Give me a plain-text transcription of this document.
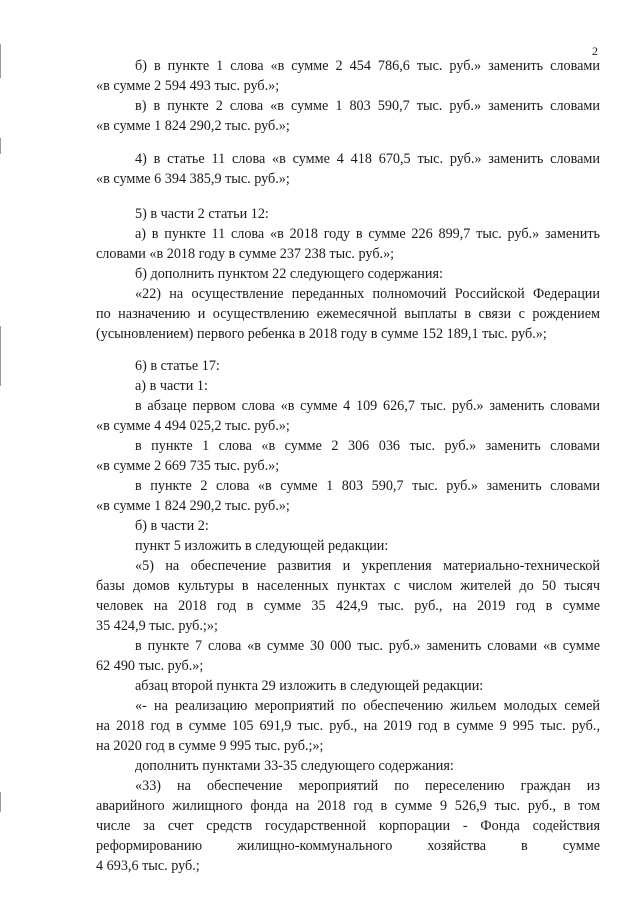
2
б) в пункте 1 слова «в сумме 2 454 786,6 тыс. руб.» заменить словами
«в сумме 2 594 493 тыс. руб.»;
в) в пункте 2 слова «в сумме 1 803 590,7 тыс. руб.» заменить словами
«в сумме 1 824 290,2 тыс. руб.»;
4) в статье 11 слова «в сумме 4 418 670,5 тыс. руб.» заменить словами
«в сумме 6 394 385,9 тыс. руб.»;
5) в части 2 статьи 12:
а) в пункте 11 слова «в 2018 году в сумме 226 899,7 тыс. руб.» заменить
словами «в 2018 году в сумме 237 238 тыс. руб.»;
б) дополнить пунктом 22 следующего содержания:
«22) на осуществление переданных полномочий Российской Федерации
по назначению и осуществлению ежемесячной выплаты в связи с рождением
(усыновлением) первого ребенка в 2018 году в сумме 152 189,1 тыс. руб.»;
6) в статье 17:
а) в части 1:
в абзаце первом слова «в сумме 4 109 626,7 тыс. руб.» заменить словами
«в сумме 4 494 025,2 тыс. руб.»;
в пункте 1 слова «в сумме 2 306 036 тыс. руб.» заменить словами
«в сумме 2 669 735 тыс. руб.»;
в пункте 2 слова «в сумме 1 803 590,7 тыс. руб.» заменить словами
«в сумме 1 824 290,2 тыс. руб.»;
б) в части 2:
пункт 5 изложить в следующей редакции:
«5) на обеспечение развития и укрепления материально-технической
базы домов культуры в населенных пунктах с числом жителей до 50 тысяч
человек на 2018 год в сумме 35 424,9 тыс. руб., на 2019 год в сумме
35 424,9 тыс. руб.;»;
в пункте 7 слова «в сумме 30 000 тыс. руб.» заменить словами «в сумме
62 490 тыс. руб.»;
абзац второй пункта 29 изложить в следующей редакции:
«- на реализацию мероприятий по обеспечению жильем молодых семей
на 2018 год в сумме 105 691,9 тыс. руб., на 2019 год в сумме 9 995 тыс. руб.,
на 2020 год в сумме 9 995 тыс. руб.;»;
дополнить пунктами 33-35 следующего содержания:
«33) на обеспечение мероприятий по переселению граждан из
аварийного жилищного фонда на 2018 год в сумме 9 526,9 тыс. руб., в том
числе за счет средств государственной корпорации - Фонда содействия
реформированию жилищно-коммунального хозяйства в сумме
4 693,6 тыс. руб.;
